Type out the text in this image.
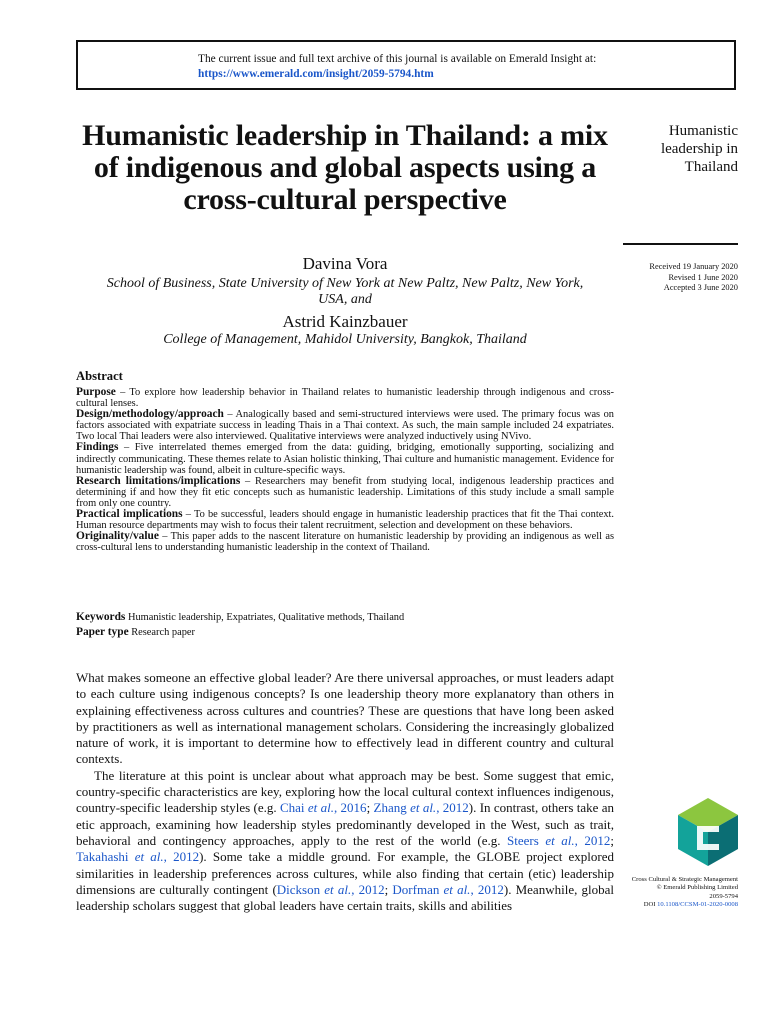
The current issue and full text archive of this journal is available on Emerald Insight at:
https://www.emerald.com/insight/2059-5794.htm
Humanistic leadership in Thailand: a mix of indigenous and global aspects using a cross-cultural perspective
Davina Vora
School of Business, State University of New York at New Paltz, New Paltz, New York, USA, and
Astrid Kainzbauer
College of Management, Mahidol University, Bangkok, Thailand
Humanistic leadership in Thailand
Received 19 January 2020
Revised 1 June 2020
Accepted 3 June 2020
Abstract

Purpose – To explore how leadership behavior in Thailand relates to humanistic leadership through indigenous and cross-cultural lenses.

Design/methodology/approach – Analogically based and semi-structured interviews were used. The primary focus was on factors associated with expatriate success in leading Thais in a Thai context. As such, the main sample included 24 expatriates. Two local Thai leaders were also interviewed. Qualitative interviews were analyzed inductively using NVivo.

Findings – Five interrelated themes emerged from the data: guiding, bridging, emotionally supporting, socializing and indirectly communicating. These themes relate to Asian holistic thinking, Thai culture and humanistic management. Evidence for humanistic leadership was found, albeit in culture-specific ways.

Research limitations/implications – Researchers may benefit from studying local, indigenous leadership practices and determining if and how they fit etic concepts such as humanistic leadership. Limitations of this study include a small sample from only one country.

Practical implications – To be successful, leaders should engage in humanistic leadership practices that fit the Thai context. Human resource departments may wish to focus their talent recruitment, selection and development on these behaviors.

Originality/value – This paper adds to the nascent literature on humanistic leadership by providing an indigenous as well as cross-cultural lens to understanding humanistic leadership in the context of Thailand.

Keywords Humanistic leadership, Expatriates, Qualitative methods, Thailand
Paper type Research paper

What makes someone an effective global leader? Are there universal approaches, or must leaders adapt to each culture using indigenous concepts? Is one leadership theory more explanatory than others in explaining effectiveness across cultures and countries? These are questions that have long been asked by practitioners as well as international management scholars. Considering the increasingly globalized nature of work, it is important to determine how to effectively lead in different country and cultural contexts.

The literature at this point is unclear about what approach may be best. Some suggest that emic, country-specific characteristics are key, exploring how the local cultural context influences indigenous, country-specific leadership styles (e.g. Chai et al., 2016; Zhang et al., 2012). In contrast, others take an etic approach, examining how leadership styles predominantly developed in the West, such as trait, behavioral and contingency approaches, apply to the rest of the world (e.g. Steers et al., 2012; Takahashi et al., 2012). Some take a middle ground. For example, the GLOBE project explored similarities in leadership preferences across cultures, while also finding that certain (etic) leadership dimensions are culturally contingent (Dickson et al., 2012; Dorfman et al., 2012). Meanwhile, global leadership scholars suggest that global leaders have certain traits, skills and abilities

Cross Cultural & Strategic Management
© Emerald Publishing Limited
2059-5794
DOI 10.1108/CCSM-01-2020-0008
